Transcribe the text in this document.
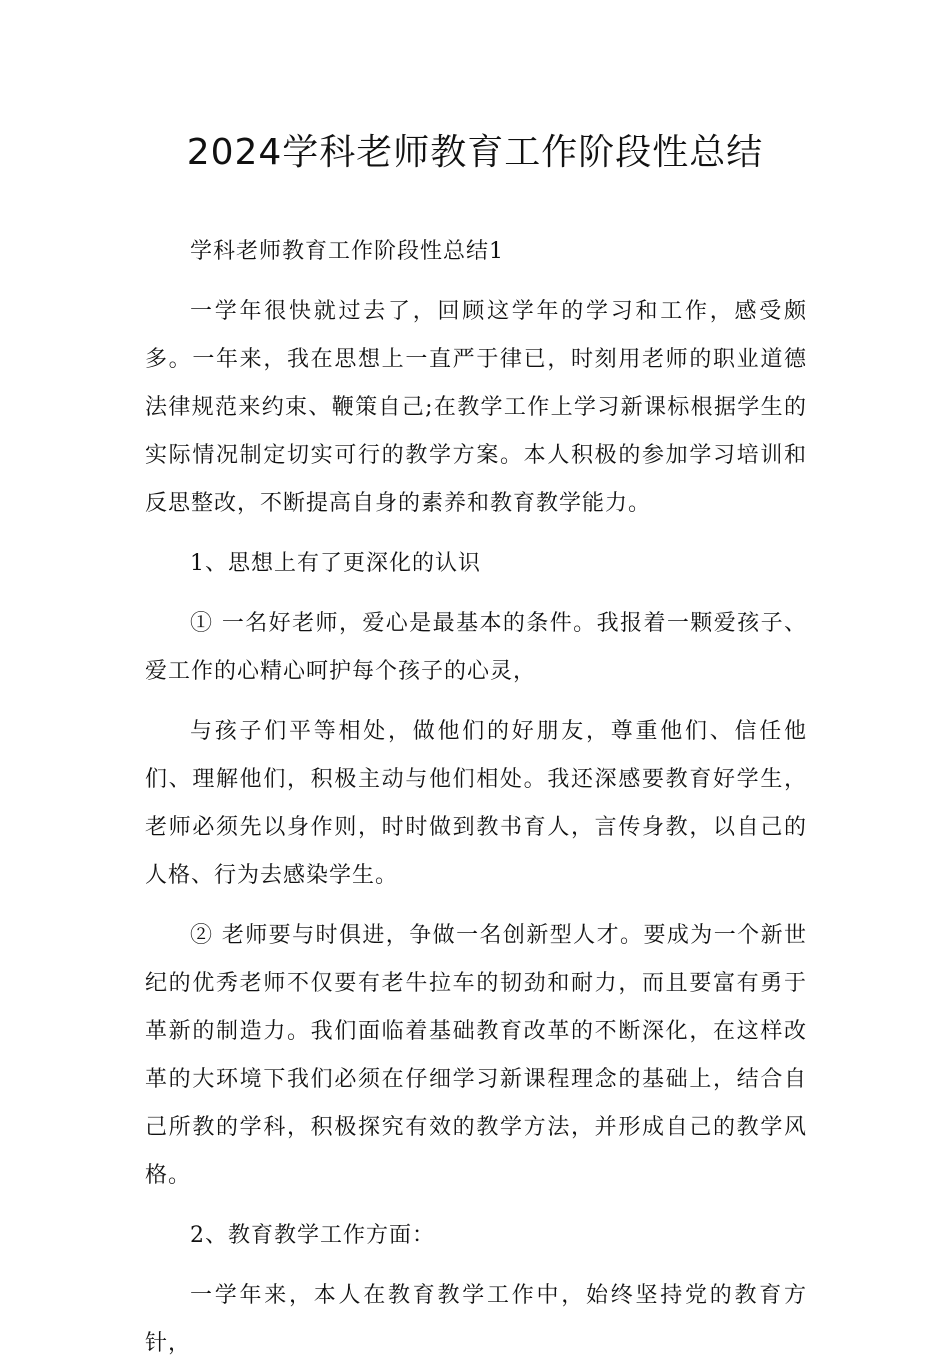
2024学科老师教育工作阶段性总结

学科老师教育工作阶段性总结1

一学年很快就过去了，回顾这学年的学习和工作，感受颇多。一年来，我在思想上一直严于律已，时刻用老师的职业道德法律规范来约束、鞭策自己;在教学工作上学习新课标根据学生的实际情况制定切实可行的教学方案。本人积极的参加学习培训和反思整改，不断提高自身的素养和教育教学能力。

1、思想上有了更深化的认识

① 一名好老师，爱心是最基本的条件。我报着一颗爱孩子、爱工作的心精心呵护每个孩子的心灵，

与孩子们平等相处，做他们的好朋友，尊重他们、信任他们、理解他们，积极主动与他们相处。我还深感要教育好学生，老师必须先以身作则，时时做到教书育人，言传身教，以自己的人格、行为去感染学生。

② 老师要与时俱进，争做一名创新型人才。要成为一个新世纪的优秀老师不仅要有老牛拉车的韧劲和耐力，而且要富有勇于革新的制造力。我们面临着基础教育改革的不断深化，在这样改革的大环境下我们必须在仔细学习新课程理念的基础上，结合自己所教的学科，积极探究有效的教学方法，并形成自己的教学风格。

2、教育教学工作方面：

一学年来，本人在教育教学工作中，始终坚持党的教育方针，
